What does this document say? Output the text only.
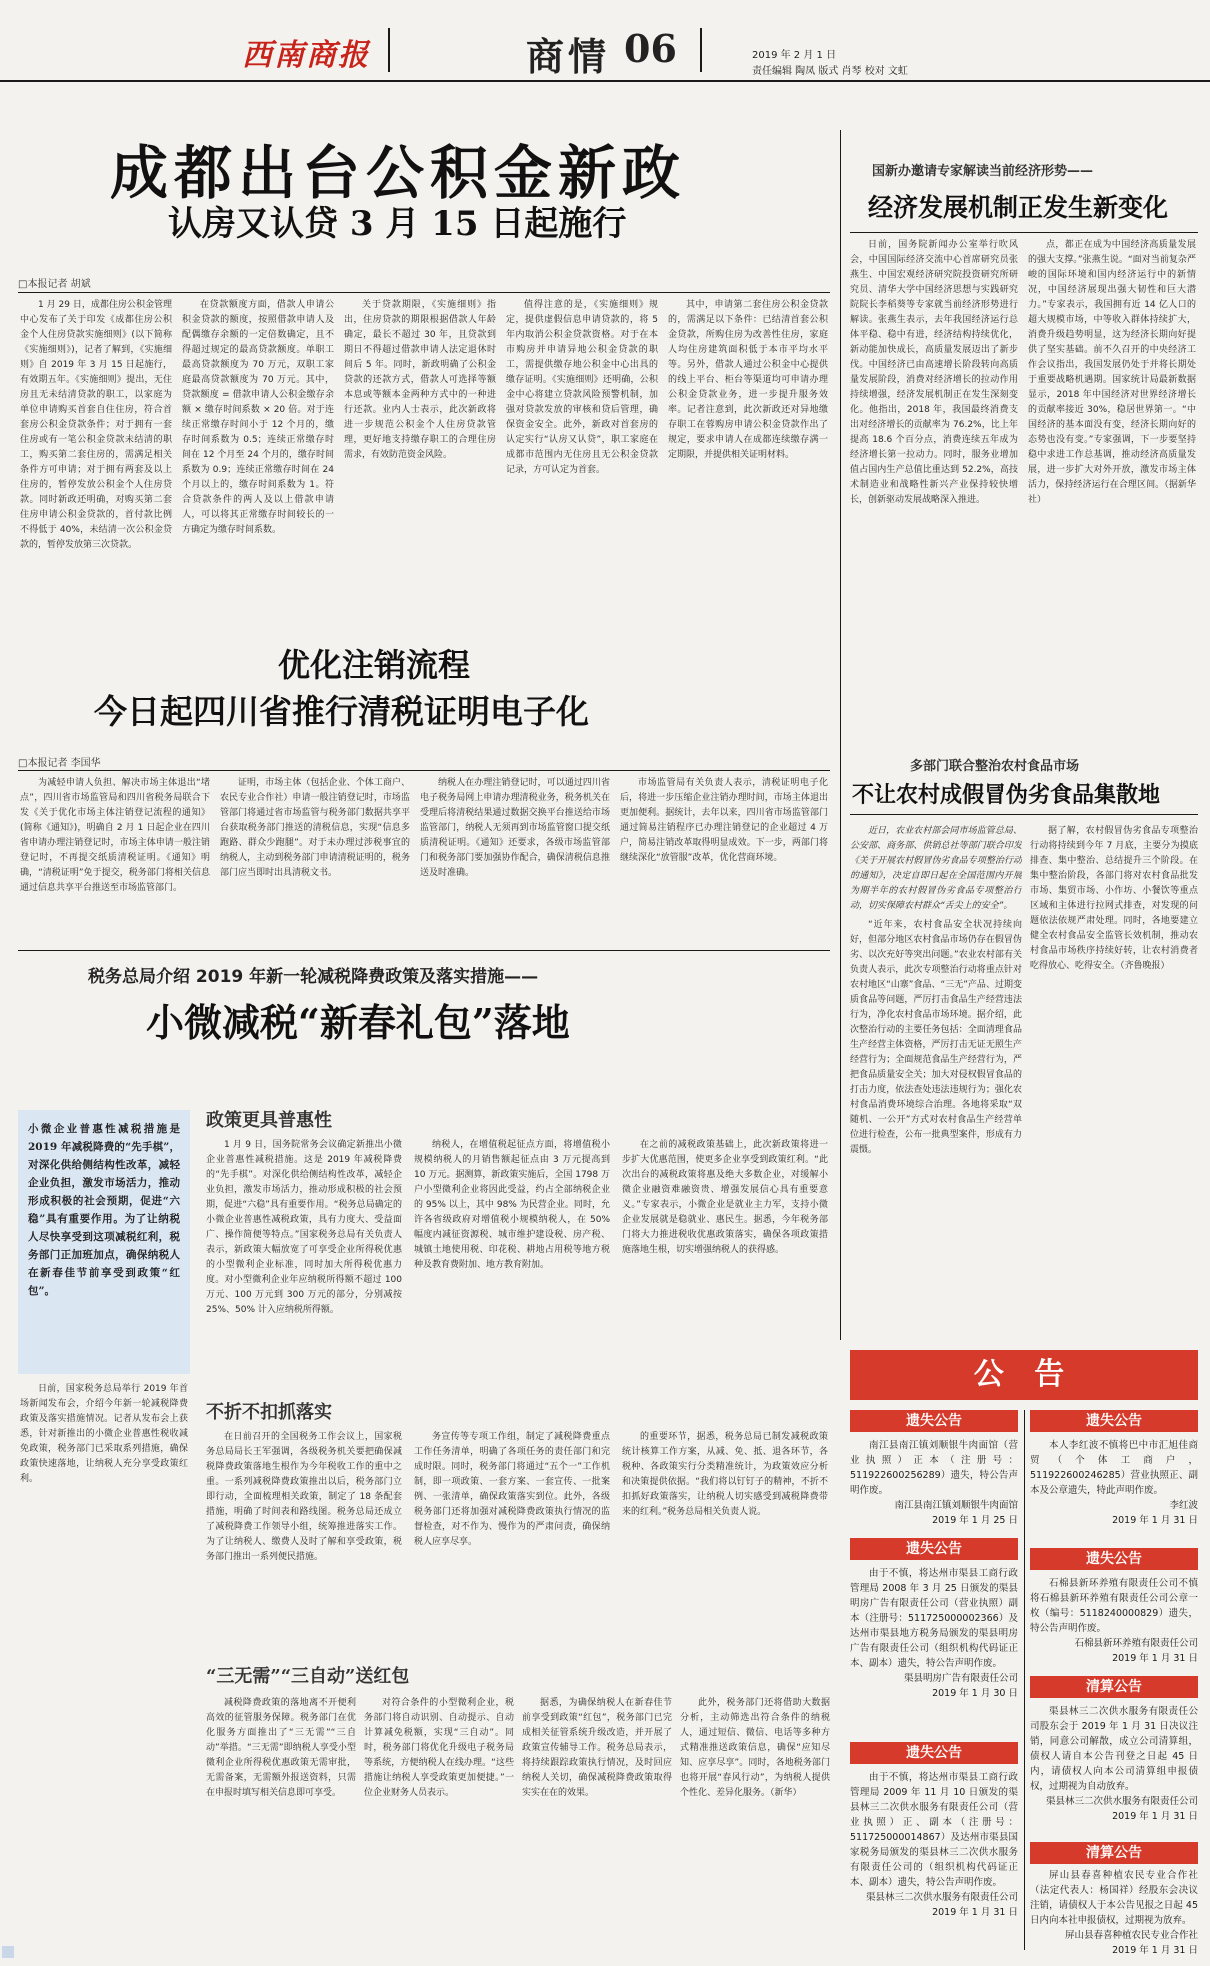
西南商报	商情 06	2019 年 2 月 1 日
责任编辑 陶凤 版式 肖琴 校对 文虹
成都出台公积金新政
认房又认贷 3 月 15 日起施行
□本报记者 胡斌

1 月 29 日，成都住房公积金管理中心发布了关于印发《成都住房公积金个人住房贷款实施细则》(以下简称《实施细则》)，记者了解到，《实施细则》自 2019 年 3 月 15 日起施行，有效期五年。《实施细则》提出，无住房且无未结清贷款的职工，以家庭为单位申请购买首套自住住房，符合首套房公积金贷款条件；对于拥有一套住房或有一笔公积金贷款未结清的职工，购买第二套住房的，需满足相关条件方可申请；对于拥有两套及以上住房的，暂停发放公积金个人住房贷款。同时新政还明确，对购买第二套住房申请公积金贷款的，首付款比例不得低于 40%，未结清一次公积金贷款的，暂停发放第三次贷款。

在贷款额度方面，借款人申请公积金贷款的额度，按照借款申请人及配偶缴存余额的一定倍数确定，且不得超过规定的最高贷款额度。单职工最高贷款额度为 70 万元，双职工家庭最高贷款额度为 70 万元。其中，贷款额度 = 借款申请人公积金缴存余额 × 缴存时间系数 × 20 倍。对于连续正常缴存时间小于 12 个月的，缴存时间系数为 0.5；连续正常缴存时间在 12 个月至 24 个月的，缴存时间系数为 0.9；连续正常缴存时间在 24 个月以上的，缴存时间系数为 1。符合贷款条件的两人及以上借款申请人，可以将其正常缴存时间较长的一方确定为缴存时间系数。

关于贷款期限，《实施细则》指出，住房贷款的期限根据借款人年龄确定，最长不超过 30 年，且贷款到期日不得超过借款申请人法定退休时间后 5 年。同时，新政明确了公积金贷款的还款方式，借款人可选择等额本息或等额本金两种方式中的一种进行还款。业内人士表示，此次新政将进一步规范公积金个人住房贷款管理，更好地支持缴存职工的合理住房需求，有效防范资金风险。

值得注意的是，《实施细则》规定，提供虚假信息申请贷款的，将 5 年内取消公积金贷款资格。对于在本市购房并申请异地公积金贷款的职工，需提供缴存地公积金中心出具的缴存证明。《实施细则》还明确，公积金中心将建立贷款风险预警机制，加强对贷款发放的审核和贷后管理，确保资金安全。此外，新政对首套房的认定实行“认房又认贷”，职工家庭在成都市范围内无住房且无公积金贷款记录，方可认定为首套。

其中，申请第二套住房公积金贷款的，需满足以下条件：已结清首套公积金贷款，所购住房为改善性住房，家庭人均住房建筑面积低于本市平均水平等。另外，借款人通过公积金中心提供的线上平台、柜台等渠道均可申请办理公积金贷款业务，进一步提升服务效率。记者注意到，此次新政还对异地缴存职工在蓉购房申请公积金贷款作出了规定，要求申请人在成都连续缴存满一定期限，并提供相关证明材料。

国新办邀请专家解读当前经济形势——
经济发展机制正发生新变化

日前，国务院新闻办公室举行吹风会，中国国际经济交流中心首席研究员张燕生、中国宏观经济研究院投资研究所研究员、清华大学中国经济思想与实践研究院院长李稻葵等专家就当前经济形势进行解读。张燕生表示，去年我国经济运行总体平稳、稳中有进，经济结构持续优化，新动能加快成长，高质量发展迈出了新步伐。中国经济已由高速增长阶段转向高质量发展阶段，消费对经济增长的拉动作用持续增强，经济发展机制正在发生深刻变化。他指出，2018 年，我国最终消费支出对经济增长的贡献率为 76.2%，比上年提高 18.6 个百分点，消费连续五年成为经济增长第一拉动力。同时，服务业增加值占国内生产总值比重达到 52.2%，高技术制造业和战略性新兴产业保持较快增长，创新驱动发展战略深入推进。

点，都正在成为中国经济高质量发展的强大支撑。”张燕生说。“面对当前复杂严峻的国际环境和国内经济运行中的新情况，中国经济展现出强大韧性和巨大潜力。”专家表示，我国拥有近 14 亿人口的超大规模市场，中等收入群体持续扩大，消费升级趋势明显，这为经济长期向好提供了坚实基础。前不久召开的中央经济工作会议指出，我国发展仍处于并将长期处于重要战略机遇期。国家统计局最新数据显示，2018 年中国经济对世界经济增长的贡献率接近 30%，稳居世界第一。“中国经济的基本面没有变，经济长期向好的态势也没有变。”专家强调，下一步要坚持稳中求进工作总基调，推动经济高质量发展，进一步扩大对外开放，激发市场主体活力，保持经济运行在合理区间。（据新华社）

优化注销流程
今日起四川省推行清税证明电子化
□本报记者 李国华

为减轻申请人负担、解决市场主体退出“堵点”，四川省市场监管局和四川省税务局联合下发《关于优化市场主体注销登记流程的通知》(简称《通知》)，明确自 2 月 1 日起企业在四川省申请办理注销登记时，市场主体申请一般注销登记时，不再提交纸质清税证明。《通知》明确，“清税证明”免于提交，税务部门将相关信息通过信息共享平台推送至市场监管部门。

证明，市场主体（包括企业、个体工商户、农民专业合作社）申请一般注销登记时，市场监管部门将通过省市场监管与税务部门数据共享平台获取税务部门推送的清税信息，实现“信息多跑路、群众少跑腿”。对于未办理过涉税事宜的纳税人，主动到税务部门申请清税证明的，税务部门应当即时出具清税文书。

纳税人在办理注销登记时，可以通过四川省电子税务局网上申请办理清税业务，税务机关在受理后将清税结果通过数据交换平台推送给市场监管部门，纳税人无须再到市场监管窗口提交纸质清税证明。《通知》还要求，各级市场监管部门和税务部门要加强协作配合，确保清税信息推送及时准确。

市场监管局有关负责人表示，清税证明电子化后，将进一步压缩企业注销办理时间，市场主体退出更加便利。据统计，去年以来，四川省市场监管部门通过简易注销程序已办理注销登记的企业超过 4 万户，简易注销改革取得明显成效。下一步，两部门将继续深化“放管服”改革，优化营商环境。

多部门联合整治农村食品市场
不让农村成假冒伪劣食品集散地

近日，农业农村部会同市场监管总局、公安部、商务部、供销总社等部门联合印发《关于开展农村假冒伪劣食品专项整治行动的通知》，决定自即日起在全国范围内开展为期半年的农村假冒伪劣食品专项整治行动，切实保障农村群众“舌尖上的安全”。

“近年来，农村食品安全状况持续向好，但部分地区农村食品市场仍存在假冒伪劣、以次充好等突出问题。”农业农村部有关负责人表示，此次专项整治行动将重点针对农村地区“山寨”食品、“三无”产品、过期变质食品等问题，严厉打击食品生产经营违法行为，净化农村食品市场环境。据介绍，此次整治行动的主要任务包括：全面清理食品生产经营主体资格，严厉打击无证无照生产经营行为；全面规范食品生产经营行为，严把食品质量安全关；加大对侵权假冒食品的打击力度，依法查处违法违规行为；强化农村食品消费环境综合治理。各地将采取“双随机、一公开”方式对农村食品生产经营单位进行检查，公布一批典型案件，形成有力震慑。

据了解，农村假冒伪劣食品专项整治行动将持续到今年 7 月底，主要分为摸底排查、集中整治、总结提升三个阶段。在集中整治阶段，各部门将对农村食品批发市场、集贸市场、小作坊、小餐饮等重点区域和主体进行拉网式排查，对发现的问题依法依规严肃处理。同时，各地要建立健全农村食品安全监管长效机制，推动农村食品市场秩序持续好转，让农村消费者吃得放心、吃得安全。（齐鲁晚报）

税务总局介绍 2019 年新一轮减税降费政策及落实措施——
小微减税“新春礼包”落地
小微企业普惠性减税措施是 2019 年减税降费的“先手棋”，对深化供给侧结构性改革，减轻企业负担，激发市场活力，推动形成积极的社会预期，促进“六稳”具有重要作用。为了让纳税人尽快享受到这项减税红利，税务部门正加班加点，确保纳税人在新春佳节前享受到政策“红包”。

日前，国家税务总局举行 2019 年首场新闻发布会，介绍今年新一轮减税降费政策及落实措施情况。记者从发布会上获悉，针对新推出的小微企业普惠性税收减免政策，税务部门已采取系列措施，确保政策快速落地，让纳税人充分享受政策红利。

政策更具普惠性

1 月 9 日，国务院常务会议确定新推出小微企业普惠性减税措施。这是 2019 年减税降费的“先手棋”。对深化供给侧结构性改革，减轻企业负担，激发市场活力，推动形成积极的社会预期，促进“六稳”具有重要作用。“税务总局确定的小微企业普惠性减税政策，具有力度大、受益面广、操作简便等特点。”国家税务总局有关负责人表示，新政策大幅放宽了可享受企业所得税优惠的小型微利企业标准，同时加大所得税优惠力度。对小型微利企业年应纳税所得额不超过 100 万元、100 万元到 300 万元的部分，分别减按 25%、50% 计入应纳税所得额。

纳税人，在增值税起征点方面，将增值税小规模纳税人的月销售额起征点由 3 万元提高到 10 万元。据测算，新政策实施后，全国 1798 万户小型微利企业将因此受益，约占全部纳税企业的 95% 以上，其中 98% 为民营企业。同时，允许各省级政府对增值税小规模纳税人，在 50% 幅度内减征资源税、城市维护建设税、房产税、城镇土地使用税、印花税、耕地占用税等地方税种及教育费附加、地方教育附加。

在之前的减税政策基础上，此次新政策将进一步扩大优惠范围，使更多企业享受到政策红利。“此次出台的减税政策将惠及绝大多数企业，对缓解小微企业融资难融资贵、增强发展信心具有重要意义。”专家表示，小微企业是就业主力军，支持小微企业发展就是稳就业、惠民生。据悉，今年税务部门将大力推进税收优惠政策落实，确保各项政策措施落地生根，切实增强纳税人的获得感。

不折不扣抓落实

在日前召开的全国税务工作会议上，国家税务总局局长王军强调，各级税务机关要把确保减税降费政策落地生根作为今年税收工作的重中之重。一系列减税降费政策推出以后，税务部门立即行动，全面梳理相关政策，制定了 18 条配套措施，明确了时间表和路线图。税务总局还成立了减税降费工作领导小组，统筹推进落实工作。为了让纳税人、缴费人及时了解和享受政策，税务部门推出一系列便民措施。

务宣传等专项工作组，制定了减税降费重点工作任务清单，明确了各项任务的责任部门和完成时限。同时，税务部门将通过“五个一”工作机制，即一项政策、一套方案、一套宣传、一批案例、一张清单，确保政策落实到位。此外，各级税务部门还将加强对减税降费政策执行情况的监督检查，对不作为、慢作为的严肃问责，确保纳税人应享尽享。

的重要环节，据悉，税务总局已制发减税政策统计核算工作方案，从减、免、抵、退各环节，各税种、各政策实行分类精准统计，为政策效应分析和决策提供依据。“我们将以钉钉子的精神，不折不扣抓好政策落实，让纳税人切实感受到减税降费带来的红利。”税务总局相关负责人说。

“三无需”“三自动”送红包

减税降费政策的落地离不开便利高效的征管服务保障。税务部门在优化服务方面推出了“三无需”“三自动”举措。“三无需”即纳税人享受小型微利企业所得税优惠政策无需审批，无需备案，无需额外报送资料，只需在申报时填写相关信息即可享受。

对符合条件的小型微利企业，税务部门将自动识别、自动提示、自动计算减免税额，实现“三自动”。同时，税务部门将优化升级电子税务局等系统，方便纳税人在线办理。“这些措施让纳税人享受政策更加便捷。”一位企业财务人员表示。

据悉，为确保纳税人在新春佳节前享受到政策“红包”，税务部门已完成相关征管系统升级改造，并开展了政策宣传辅导工作。税务总局表示，将持续跟踪政策执行情况，及时回应纳税人关切，确保减税降费政策取得实实在在的效果。

此外，税务部门还将借助大数据分析，主动筛选出符合条件的纳税人，通过短信、微信、电话等多种方式精准推送政策信息，确保“应知尽知、应享尽享”。同时，各地税务部门也将开展“春风行动”，为纳税人提供个性化、差异化服务。（新华）

公 告
遗失公告
南江县南江镇刘顺银牛肉面馆（营业执照）正本（注册号：511922600256289）遗失，特公告声明作废。
南江县南江镇刘顺银牛肉面馆
2019 年 1 月 25 日
遗失公告
由于不慎，将达州市渠县工商行政管理局 2008 年 3 月 25 日颁发的渠县明房广告有限责任公司（营业执照）副本（注册号：511725000002366）及达州市渠县地方税务局颁发的渠县明房广告有限责任公司（组织机构代码证正本、副本）遗失，特公告声明作废。
渠县明房广告有限责任公司
2019 年 1 月 30 日
遗失公告
由于不慎，将达州市渠县工商行政管理局 2009 年 11 月 10 日颁发的渠县林三二次供水服务有限责任公司（营业执照）正、副本（注册号：511725000014867）及达州市渠县国家税务局颁发的渠县林三二次供水服务有限责任公司的（组织机构代码证正本、副本）遗失，特公告声明作废。
渠县林三二次供水服务有限责任公司
2019 年 1 月 31 日
遗失公告
本人李红波不慎将巴中市汇旭佳商贸（个体工商户，511922600246285）营业执照正、副本及公章遗失，特此声明作废。
李红波
2019 年 1 月 31 日
遗失公告
石棉县新环养殖有限责任公司不慎将石棉县新环养殖有限责任公司公章一枚（编号：5118240000829）遗失，特公告声明作废。
石棉县新环养殖有限责任公司
2019 年 1 月 31 日
清算公告
渠县林三二次供水服务有限责任公司股东会于 2019 年 1 月 31 日决议注销，同意公司解散，成立公司清算组，债权人请自本公告刊登之日起 45 日内，请债权人向本公司清算组申报债权，过期视为自动放弃。
渠县林三二次供水服务有限责任公司
2019 年 1 月 31 日
清算公告
屏山县春喜种植农民专业合作社（法定代表人：杨国祥）经股东会决议注销，请债权人于本公告见报之日起 45 日内向本社申报债权，过期视为放弃。
屏山县春喜种植农民专业合作社
2019 年 1 月 31 日
